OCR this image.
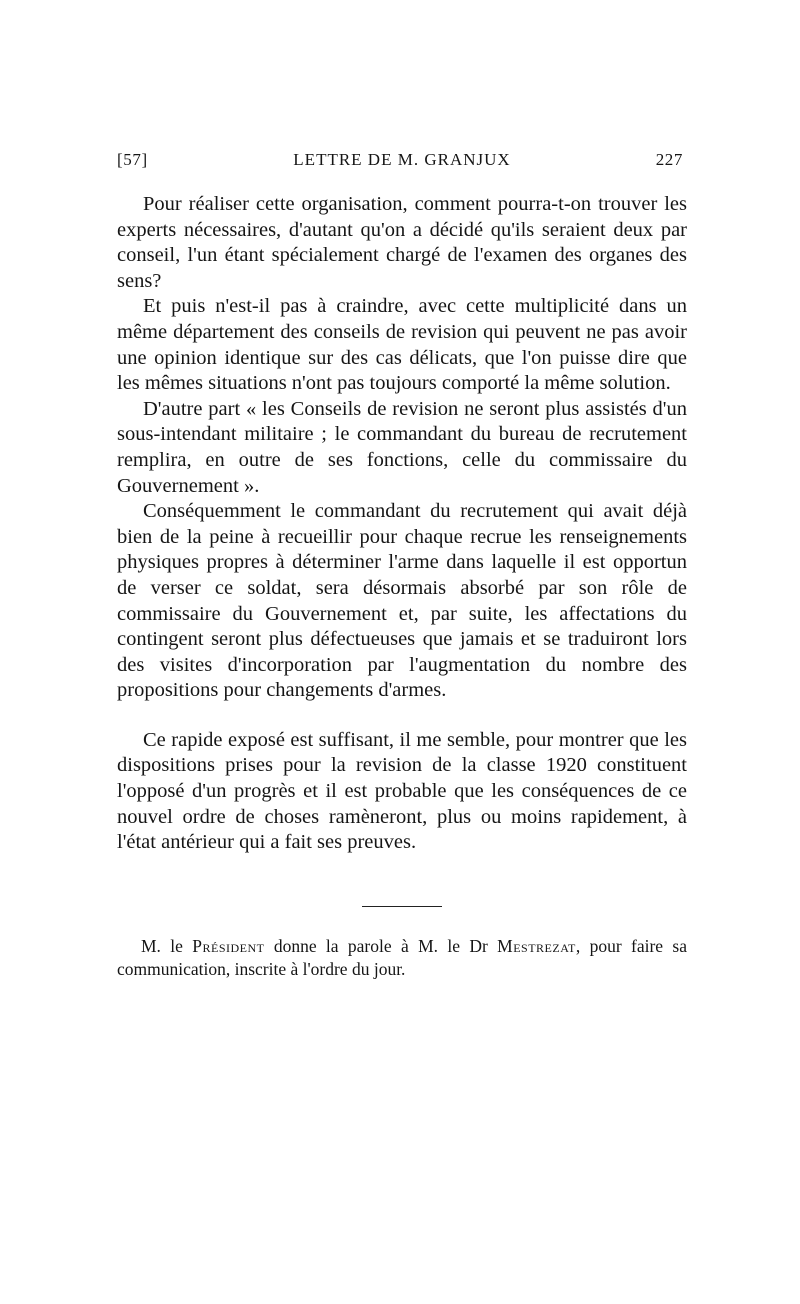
[57]	LETTRE DE M. GRANJUX	227

Pour réaliser cette organisation, comment pourra-t-on trouver les experts nécessaires, d'autant qu'on a décidé qu'ils seraient deux par conseil, l'un étant spécialement chargé de l'examen des organes des sens?

Et puis n'est-il pas à craindre, avec cette multiplicité dans un même département des conseils de revision qui peuvent ne pas avoir une opinion identique sur des cas délicats, que l'on puisse dire que les mêmes situations n'ont pas toujours comporté la même solution.

D'autre part « les Conseils de revision ne seront plus assistés d'un sous-intendant militaire ; le commandant du bureau de recrutement remplira, en outre de ses fonctions, celle du commissaire du Gouvernement ».

Conséquemment le commandant du recrutement qui avait déjà bien de la peine à recueillir pour chaque recrue les renseignements physiques propres à déterminer l'arme dans laquelle il est opportun de verser ce soldat, sera désormais absorbé par son rôle de commissaire du Gouvernement et, par suite, les affectations du contingent seront plus défectueuses que jamais et se traduiront lors des visites d'incorporation par l'augmentation du nombre des propositions pour changements d'armes.

Ce rapide exposé est suffisant, il me semble, pour montrer que les dispositions prises pour la revision de la classe 1920 constituent l'opposé d'un progrès et il est probable que les conséquences de ce nouvel ordre de choses ramèneront, plus ou moins rapidement, à l'état antérieur qui a fait ses preuves.

M. le Président donne la parole à M. le Dr Mestrezat, pour faire sa communication, inscrite à l'ordre du jour.
